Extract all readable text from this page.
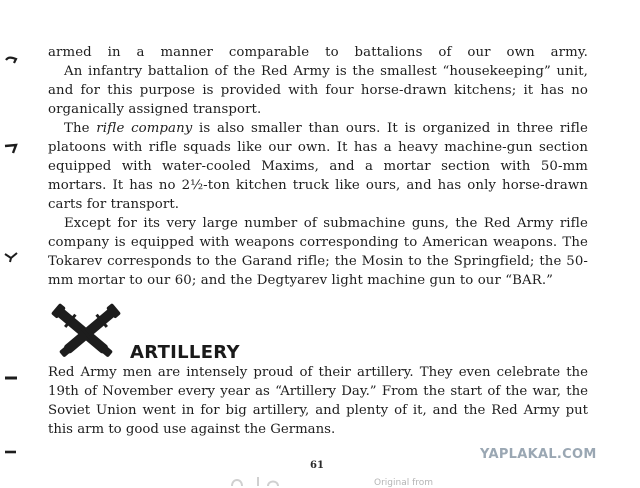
armed in a manner comparable to battalions of our own army.

An infantry battalion of the Red Army is the smallest “housekeeping” unit, and for this purpose is provided with four horse-drawn kitchens; it has no organically assigned transport.

The rifle company is also smaller than ours. It is organized in three rifle platoons with rifle squads like our own. It has a heavy machine-gun section equipped with water-cooled Maxims, and a mortar section with 50-mm mortars. It has no 2½-ton kitchen truck like ours, and has only horse-drawn carts for transport.

Except for its very large number of submachine guns, the Red Army rifle company is equipped with weapons corresponding to American weapons. The Tokarev corresponds to the Garand rifle; the Mosin to the Springfield; the 50-mm mortar to our 60; and the Degtyarev light machine gun to our “BAR.”

ARTILLERY

Red Army men are intensely proud of their artillery. They even celebrate the 19th of November every year as “Artillery Day.” From the start of the war, the Soviet Union went in for big artillery, and plenty of it, and the Red Army put this arm to good use against the Germans.

61
YAPLAKAL.COM
Original from
